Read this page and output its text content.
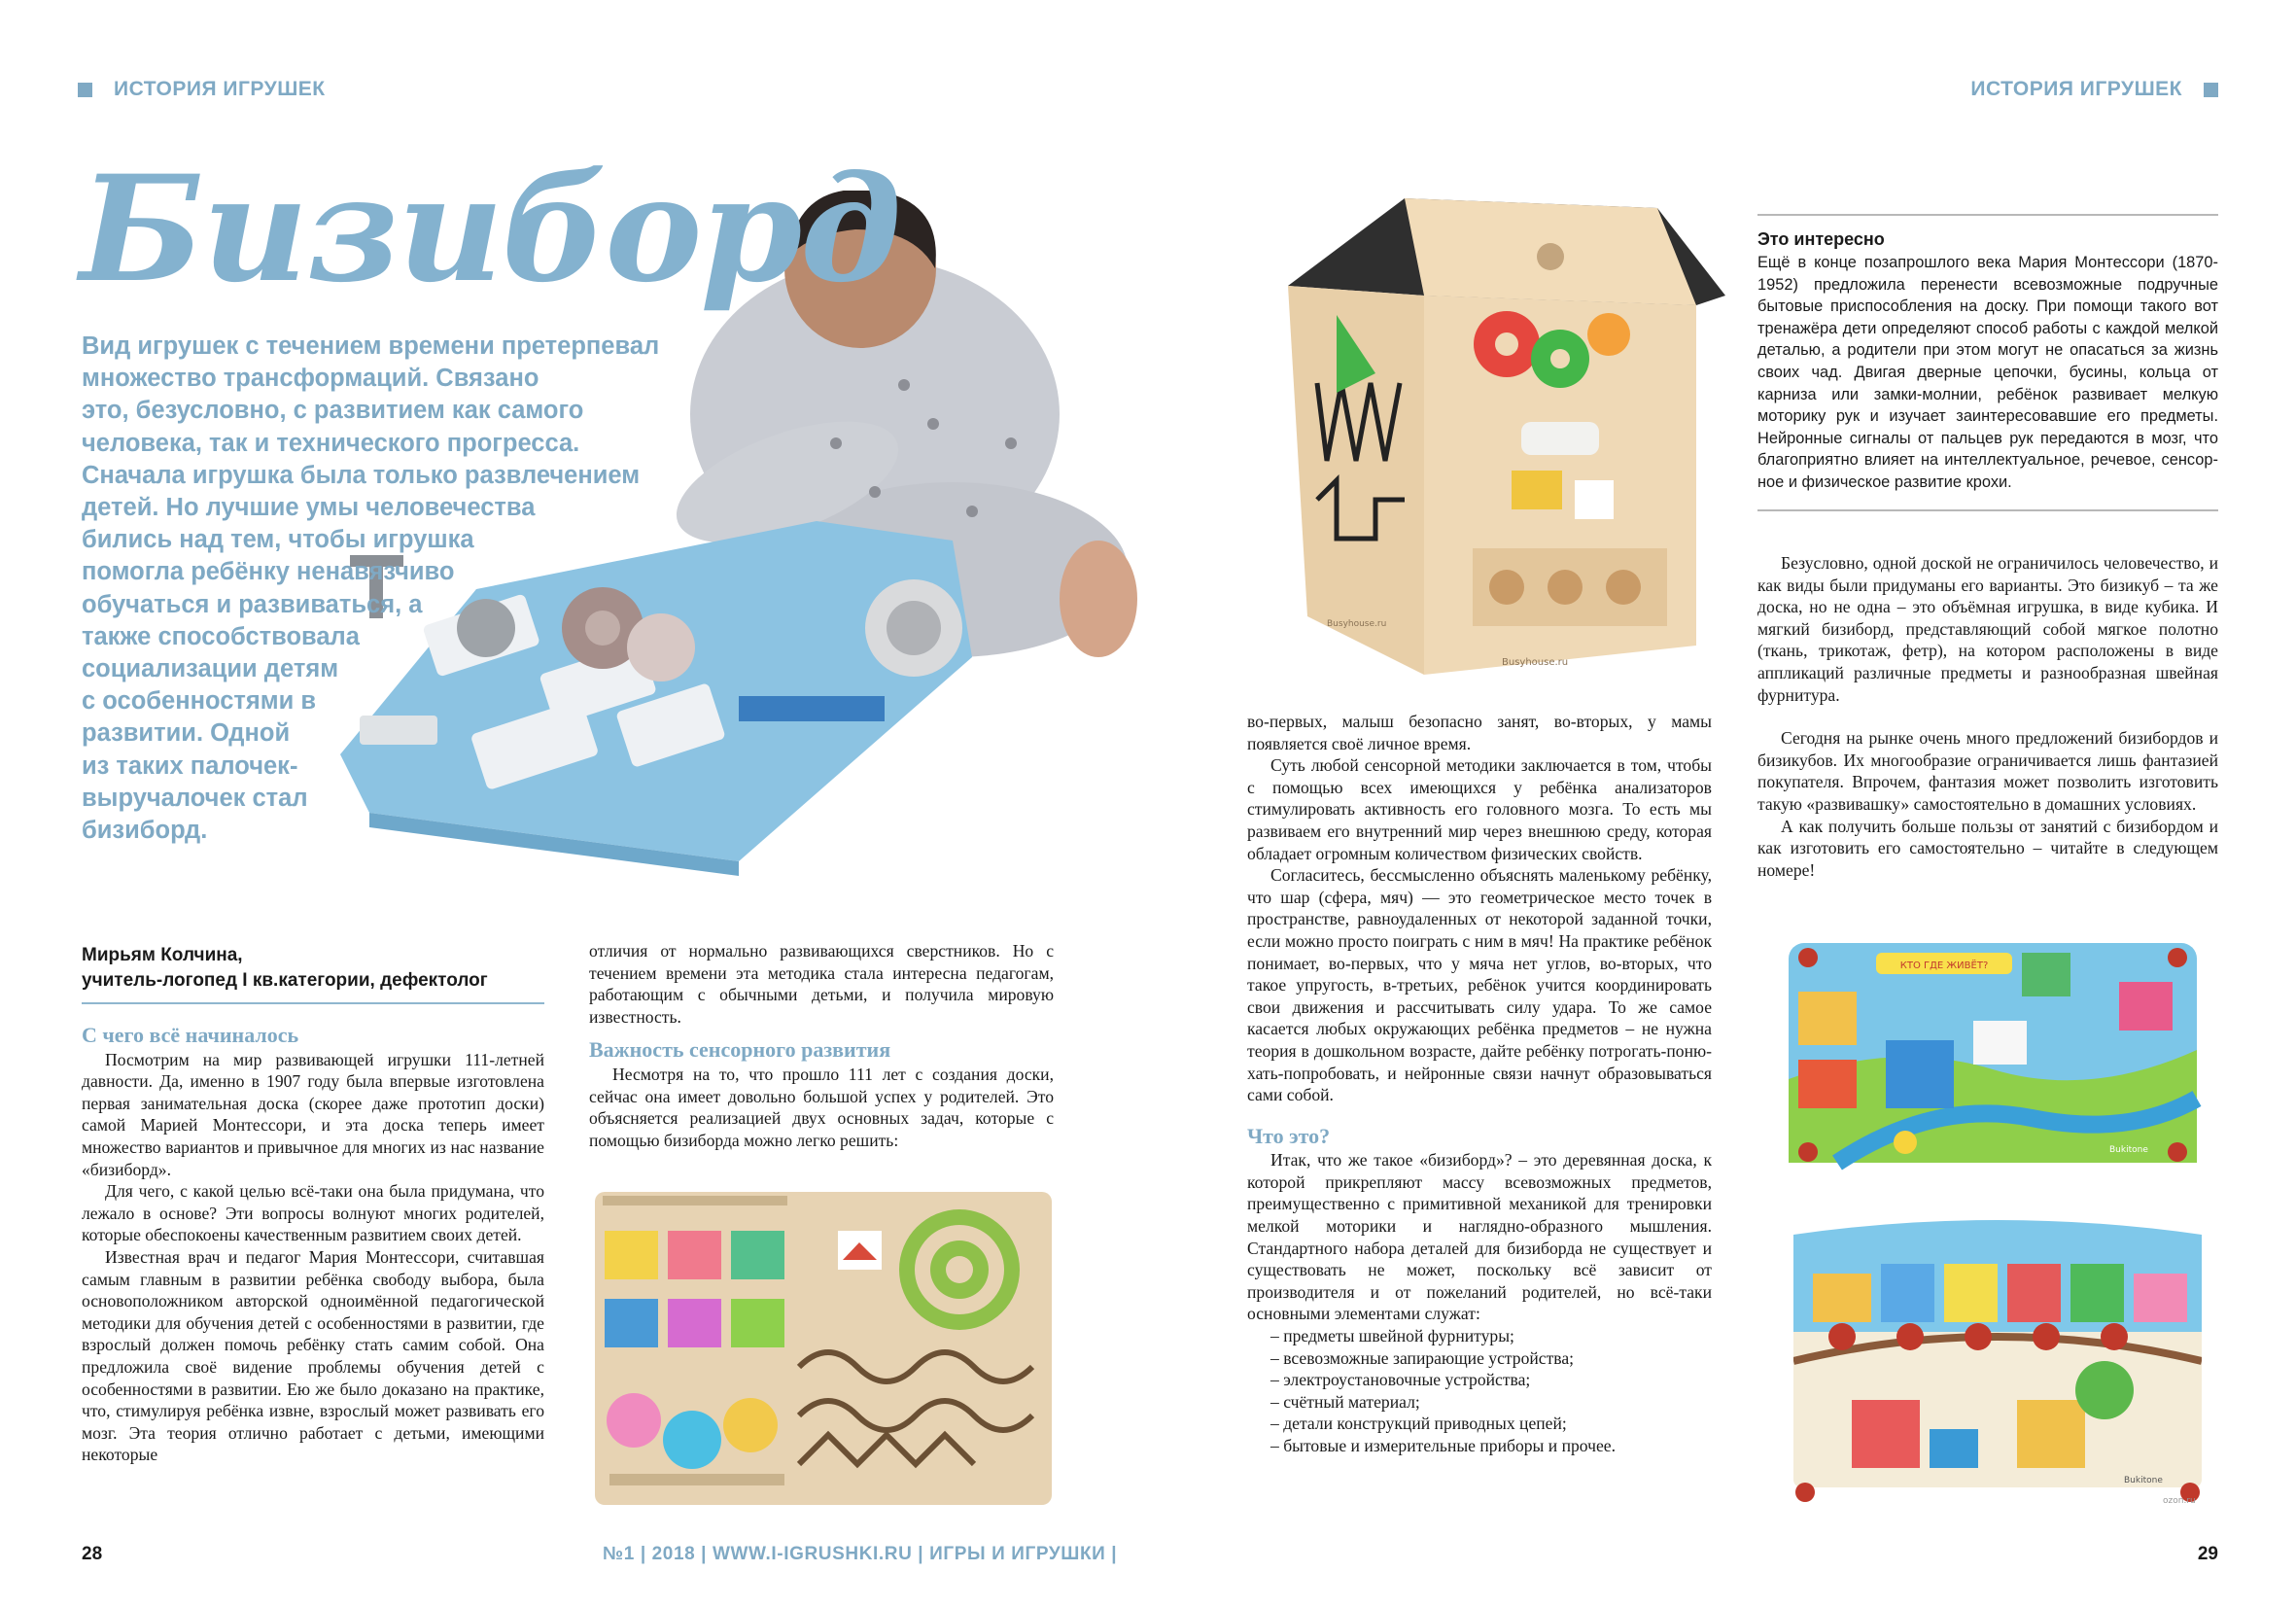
ИСТОРИЯ ИГРУШЕК	ИСТОРИЯ ИГРУШЕК
Бизиборд
Вид игрушек с течением времени претерпевал
множество трансформаций. Связано
это, безусловно, с развитием как самого
человека, так и технического прогресса.
Сначала игрушка была только развлечением
детей. Но лучшие умы человечества
бились над тем, чтобы игрушка
помогла ребёнку ненавязчиво
обучаться и развиваться, а
также способствовала
социализации детям
с особенностями в
развитии. Одной
из таких палочек-
выручалочек стал
бизиборд.
Мирьям Колчина,
учитель-логопед I кв.категории, дефектолог
С чего всё начиналось

Посмотрим на мир развивающей игрушки 111-летней давности. Да, именно в 1907 году была впервые изготовлена первая занимательная доска (скорее даже прототип доски) самой Марией Монтессори, и эта доска теперь имеет множество вариантов и привычное для многих из нас название «бизиборд».

Для чего, с какой целью всё-таки она была придумана, что лежало в основе? Эти вопросы волнуют многих родителей, которые обеспокоены качественным развитием своих детей.

Известная врач и педагог Мария Монтессори, считавшая самым главным в развитии ребёнка свободу выбора, была основоположником авторской одноимённой педагогической методики для обучения детей с особенностями в развитии, где взрослый должен помочь ребёнку стать самим собой. Она предложила своё видение проблемы обучения детей с особенностями в развитии. Ею же было доказано на практике, что, стимулируя ребёнка извне, взрослый может развивать его мозг. Эта теория отлично работает с детьми, имеющими некоторые

отличия от нормально развивающихся сверстников. Но с течением времени эта методика стала интересна педагогам, работающим с обычными детьми, и получила мировую известность.

Важность сенсорного развития

Несмотря на то, что прошло 111 лет с создания доски, сейчас она имеет довольно большой успех у родителей. Это объясняется реализацией двух основных задач, которые с помощью бизиборда можно легко решить:

Busyhouse.ru
Busyhouse.ru

во-первых, малыш безопасно занят, во-вторых, у мамы появляется своё личное время.

Суть любой сенсорной методики заключается в том, чтобы с помощью всех имеющихся у ребёнка анализаторов стимулировать активность его головного мозга. То есть мы развиваем его внутренний мир через внешнюю среду, которая обладает огромным количеством физических свойств.

Согласитесь, бессмысленно объяснять маленькому ребёнку, что шар (сфера, мяч) — это геометрическое место точек в пространстве, равноудаленных от некоторой заданной точки, если можно просто поиграть с ним в мяч! На практике ребёнок понимает, во-первых, что у мяча нет углов, во-вторых, что такое упругость, в-третьих, ребёнок учится координировать свои движения и рассчитывать силу удара. То же самое касается любых окружающих ребёнка предметов – не нужна теория в дошкольном возрасте, дайте ребёнку потрогать-понюхать-попробовать, и нейронные связи начнут образовываться сами собой.

Что это?

Итак, что же такое «бизиборд»? – это деревянная доска, к которой прикрепляют массу всевозможных предметов, преимущественно с примитивной механикой для тренировки мелкой моторики и наглядно-образного мышления. Стандартного набора деталей для бизиборда не существует и существовать не может, поскольку всё зависит от производителя и от пожеланий родителей, но всё-таки основными элементами служат:

– предметы швейной фурнитуры;
– всевозможные запирающие устройства;
– электроустановочные устройства;
– счётный материал;
– детали конструкций приводных цепей;
– бытовые и измерительные приборы и прочее.
Это интересно

Ещё в конце позапрошлого века Мария Монтессори (1870-1952) предложила перенести всевозможные подручные бытовые приспособления на доску. При помощи такого вот тренажёра дети определяют способ работы с каждой мелкой деталью, а родители при этом могут не опасаться за жизнь своих чад. Двигая дверные цепочки, бусины, кольца от карниза или замки-молнии, ребёнок развивает мелкую моторику рук и изучает заинтересовавшие его предметы. Нейронные сигналы от пальцев рук передаются в мозг, что благоприятно влияет на интеллектуальное, речевое, сенсорное и физическое развитие крохи.

Безусловно, одной доской не ограничилось человечество, и как виды были придуманы его варианты. Это бизикуб – та же доска, но не одна – это объёмная игрушка, в виде кубика. И мягкий бизиборд, представляющий собой мягкое полотно (ткань, трикотаж, фетр), на котором расположены в виде аппликаций различные предметы и разнообразная швейная фурнитура.

Сегодня на рынке очень много предложений бизибордов и бизикубов. Их многообразие ограничивается лишь фантазией покупателя. Впрочем, фантазия может позволить изготовить такую «развивашку» самостоятельно в домашних условиях.

А как получить больше пользы от занятий с бизибордом и как изготовить его самостоятельно – читайте в следующем номере!

КТО ГДЕ ЖИВЁТ?
Bukitone
Bukitone
ozon.ru
28	№1 | 2018 | WWW.I-IGRUSHKI.RU | ИГРЫ И ИГРУШКИ |	29
